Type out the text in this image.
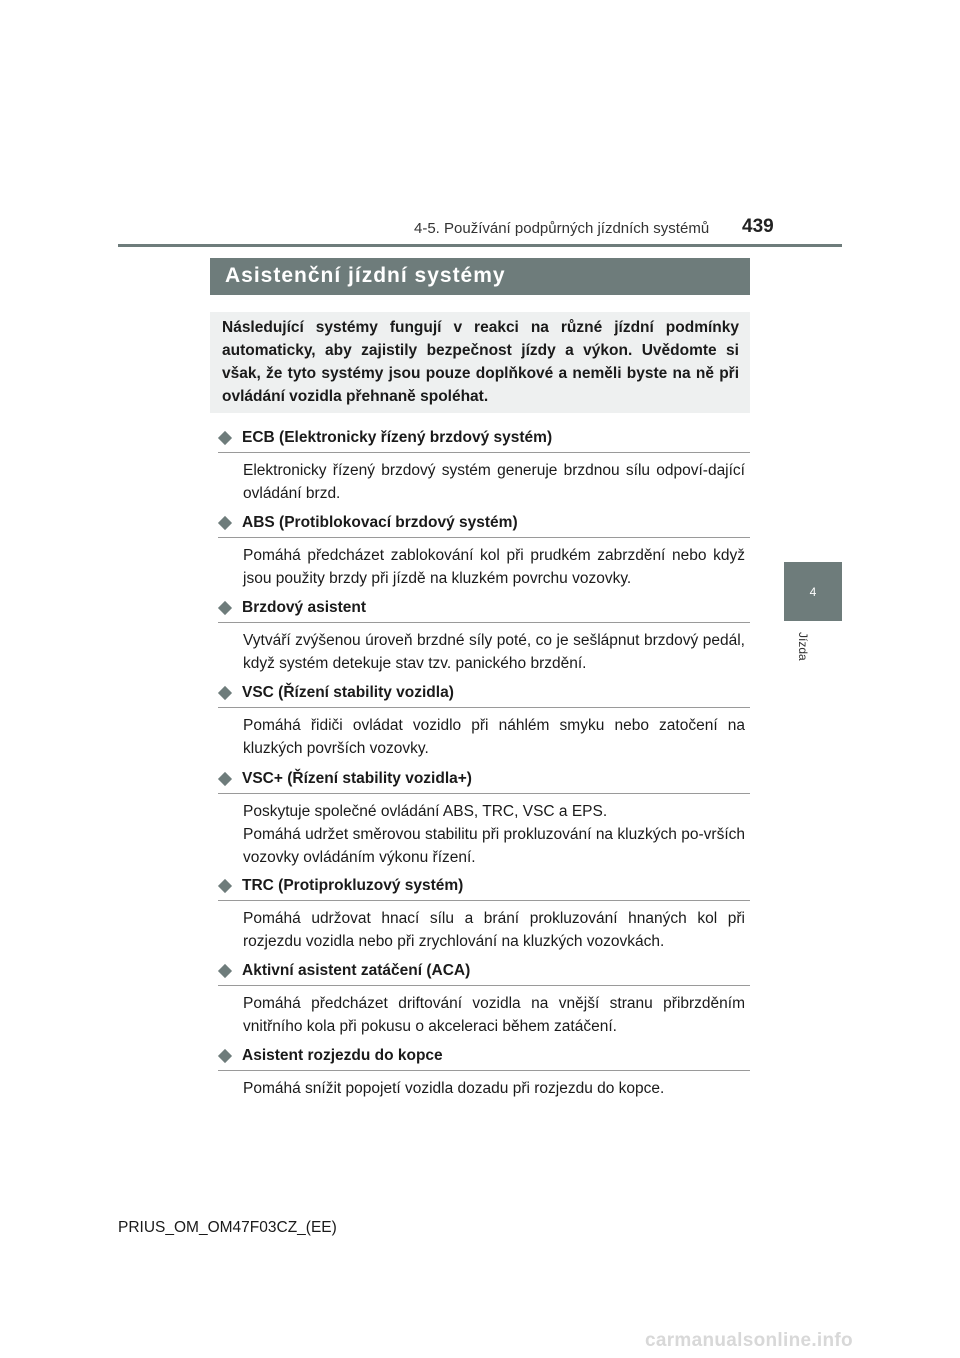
4-5. Používání podpůrných jízdních systémů 439
4
Jízda
Asistenční jízdní systémy
Následující systémy fungují v reakci na různé jízdní podmínky automaticky, aby zajistily bezpečnost jízdy a výkon. Uvědomte si však, že tyto systémy jsou pouze doplňkové a neměli byste na ně při ovládání vozidla přehnaně spoléhat.
ECB (Elektronicky řízený brzdový systém)
Elektronicky řízený brzdový systém generuje brzdnou sílu odpoví-dající ovládání brzd.
ABS (Protiblokovací brzdový systém)
Pomáhá předcházet zablokování kol při prudkém zabrzdění nebo když jsou použity brzdy při jízdě na kluzkém povrchu vozovky.
Brzdový asistent
Vytváří zvýšenou úroveň brzdné síly poté, co je sešlápnut brzdový pedál, když systém detekuje stav tzv. panického brzdění.
VSC (Řízení stability vozidla)
Pomáhá řidiči ovládat vozidlo při náhlém smyku nebo zatočení na kluzkých površích vozovky.
VSC+ (Řízení stability vozidla+)
Poskytuje společné ovládání ABS, TRC, VSC a EPS.
Pomáhá udržet směrovou stabilitu při prokluzování na kluzkých po-vrších vozovky ovládáním výkonu řízení.
TRC (Protiprokluzový systém)
Pomáhá udržovat hnací sílu a brání prokluzování hnaných kol při rozjezdu vozidla nebo při zrychlování na kluzkých vozovkách.
Aktivní asistent zatáčení (ACA)
Pomáhá předcházet driftování vozidla na vnější stranu přibrzděním vnitřního kola při pokusu o akceleraci během zatáčení.
Asistent rozjezdu do kopce
Pomáhá snížit popojetí vozidla dozadu při rozjezdu do kopce.
PRIUS_OM_OM47F03CZ_(EE)
carmanualsonline.info
